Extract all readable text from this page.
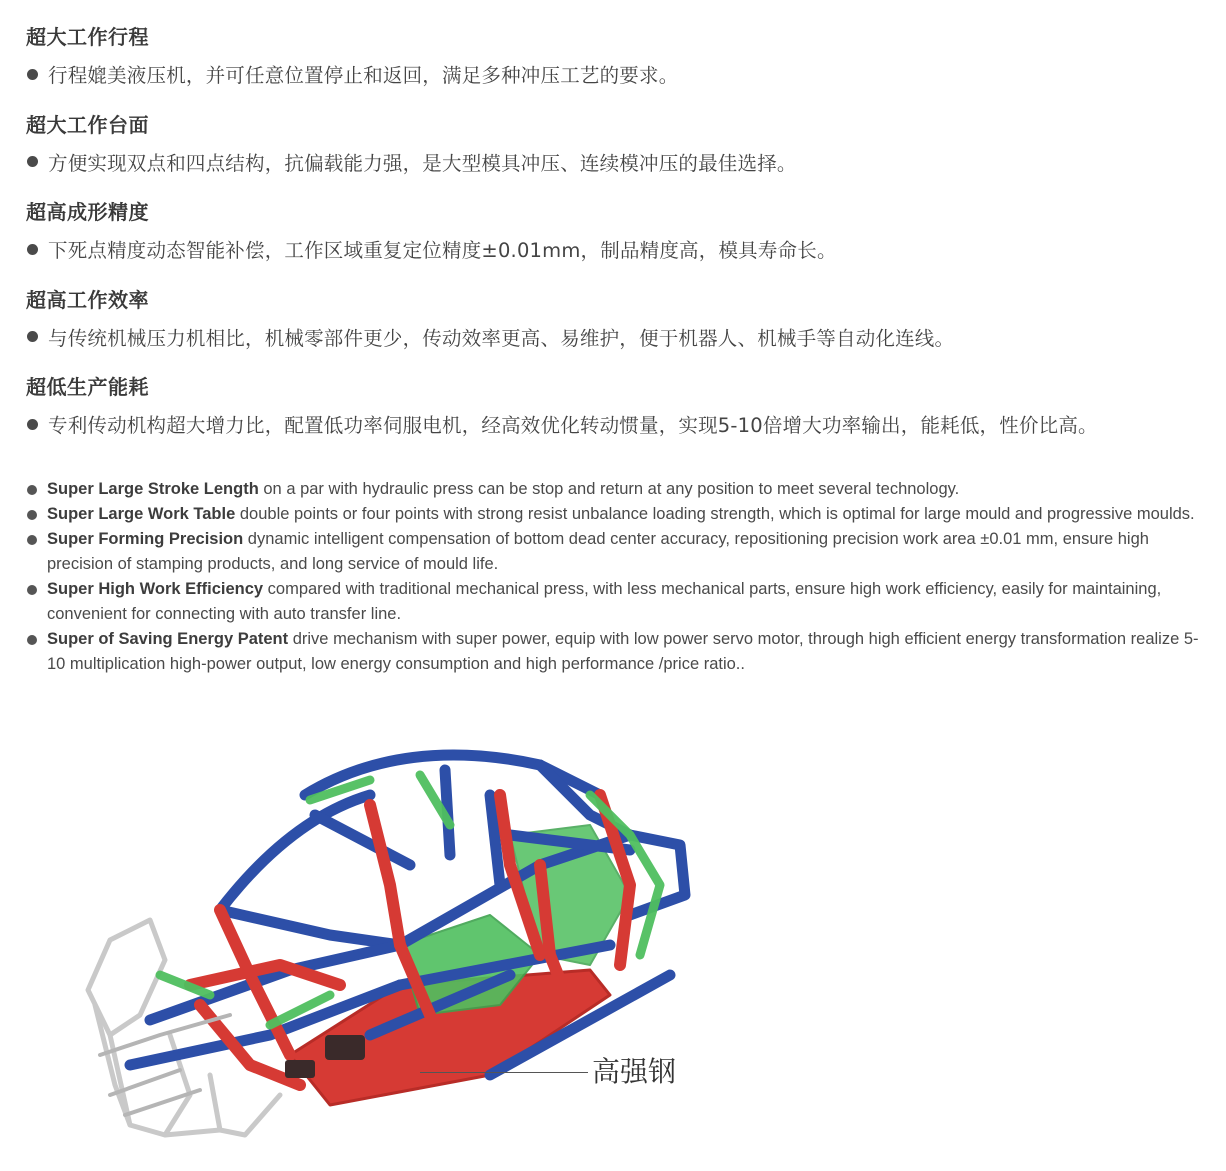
超大工作行程
行程媲美液压机，并可任意位置停止和返回，满足多种冲压工艺的要求。
超大工作台面
方便实现双点和四点结构，抗偏载能力强，是大型模具冲压、连续模冲压的最佳选择。
超高成形精度
下死点精度动态智能补偿，工作区域重复定位精度±0.01mm，制品精度高，模具寿命长。
超高工作效率
与传统机械压力机相比，机械零部件更少，传动效率更高、易维护，便于机器人、机械手等自动化连线。
超低生产能耗
专利传动机构超大增力比，配置低功率伺服电机，经高效优化转动惯量，实现5-10倍增大功率输出，能耗低，性价比高。
Super Large Stroke Length on a par with hydraulic press can be stop and return at any position to meet several technology.
Super Large Work Table double points or four points with strong resist unbalance loading strength, which is optimal for large mould and progressive moulds.
Super Forming Precision dynamic intelligent compensation of bottom dead center accuracy, repositioning precision work area ±0.01 mm, ensure high precision of stamping products, and long service of mould life.
Super High Work Efficiency compared with traditional mechanical press, with less mechanical parts, ensure high work efficiency, easily for maintaining, convenient for connecting with auto transfer line.
Super of Saving Energy Patent drive mechanism with super power, equip with low power servo motor, through high efficient energy transformation realize 5-10 multiplication high-power output, low energy consumption and high performance /price ratio..
高强钢
